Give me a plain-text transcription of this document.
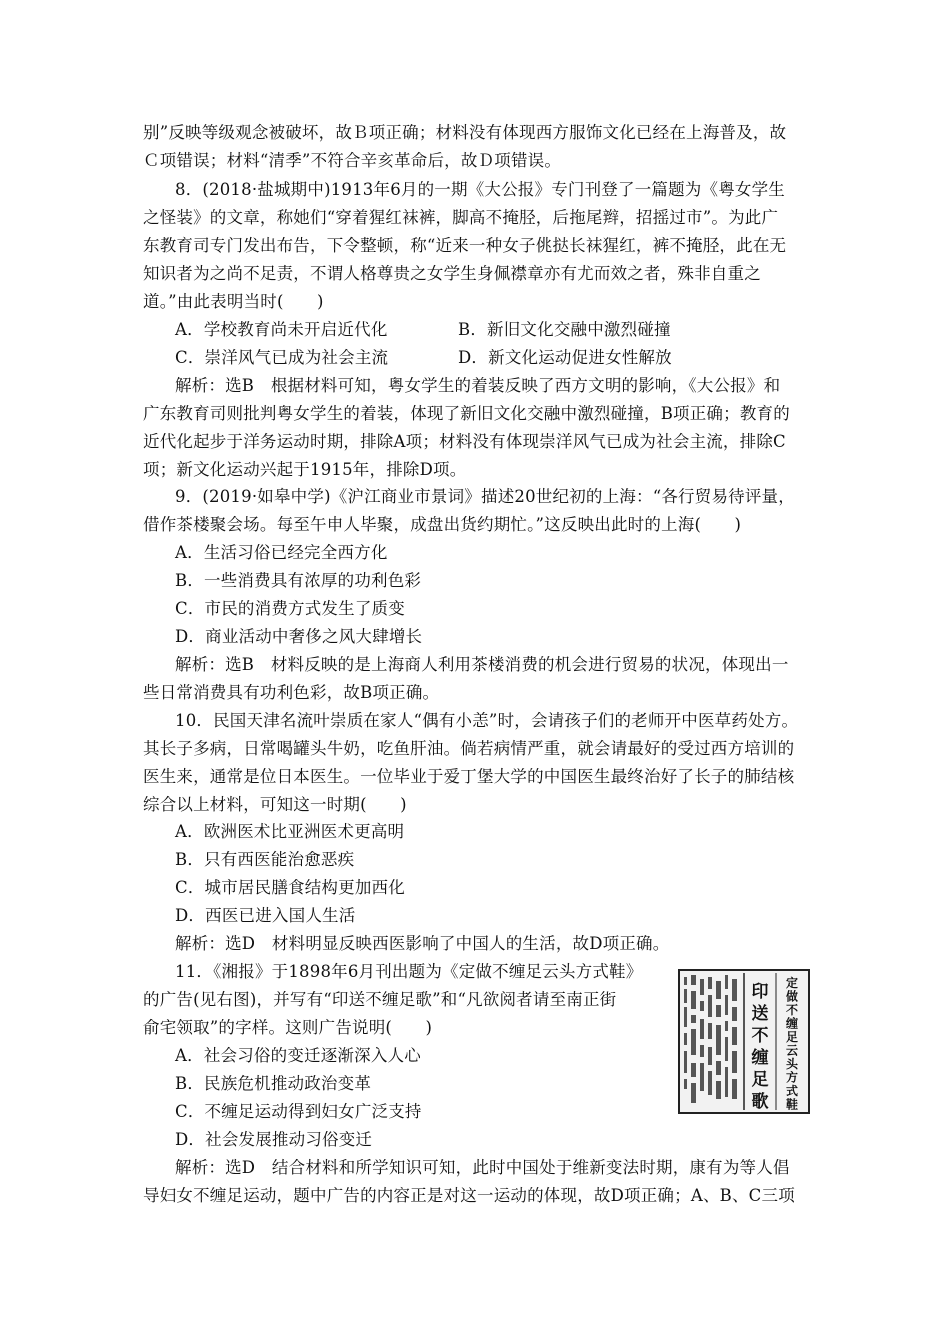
别”反映等级观念被破坏，故Ｂ项正确；材料没有体现西方服饰文化已经在上海普及，故
Ｃ项错误；材料“清季”不符合辛亥革命后，故Ｄ项错误。
8．(2018·盐城期中)1913年6月的一期《大公报》专门刊登了一篇题为《粤女学生
之怪装》的文章，称她们“穿着猩红袜裤，脚高不掩胫，后拖尾辫，招摇过市”。为此广
东教育司专门发出布告，下令整顿，称“近来一种女子佻挞长袜猩红，裤不掩胫，此在无
知识者为之尚不足责，不谓人格尊贵之女学生身佩襟章亦有尤而效之者，殊非自重之
道。”由此表明当时(　　)
A．学校教育尚未开启近代化	B．新旧文化交融中激烈碰撞
C．崇洋风气已成为社会主流	D．新文化运动促进女性解放
解析：选B　根据材料可知，粤女学生的着装反映了西方文明的影响，《大公报》和
广东教育司则批判粤女学生的着装，体现了新旧文化交融中激烈碰撞，B项正确；教育的
近代化起步于洋务运动时期，排除A项；材料没有体现崇洋风气已成为社会主流，排除C
项；新文化运动兴起于1915年，排除D项。
9．(2019·如皋中学)《沪江商业市景词》描述20世纪初的上海：“各行贸易待评量，
借作茶楼聚会场。每至午申人毕聚，成盘出货约期忙。”这反映出此时的上海(　　)
A．生活习俗已经完全西方化
B．一些消费具有浓厚的功利色彩
C．市民的消费方式发生了质变
D．商业活动中奢侈之风大肆增长
解析：选B　材料反映的是上海商人利用茶楼消费的机会进行贸易的状况，体现出一
些日常消费具有功利色彩，故B项正确。
10．民国天津名流叶崇质在家人“偶有小恙”时，会请孩子们的老师开中医草药处方。
其长子多病，日常喝罐头牛奶，吃鱼肝油。倘若病情严重，就会请最好的受过西方培训的
医生来，通常是位日本医生。一位毕业于爱丁堡大学的中国医生最终治好了长子的肺结核
综合以上材料，可知这一时期(　　)
A．欧洲医术比亚洲医术更高明
B．只有西医能治愈恶疾
C．城市居民膳食结构更加西化
D．西医已进入国人生活
解析：选D　材料明显反映西医影响了中国人的生活，故D项正确。
11．《湘报》于1898年6月刊出题为《定做不缠足云头方式鞋》
的广告(见右图)，并写有“印送不缠足歌”和“凡欲阅者请至南正街
俞宅领取”的字样。这则广告说明(　　)
A．社会习俗的变迁逐渐深入人心
B．民族危机推动政治变革
C．不缠足运动得到妇女广泛支持
D．社会发展推动习俗变迁
解析：选D　结合材料和所学知识可知，此时中国处于维新变法时期，康有为等人倡
导妇女不缠足运动，题中广告的内容正是对这一运动的体现，故D项正确；A、B、C三项
印
送
不
缠
足
歌
定
做
不
缠
足
云
头
方
式
鞋
